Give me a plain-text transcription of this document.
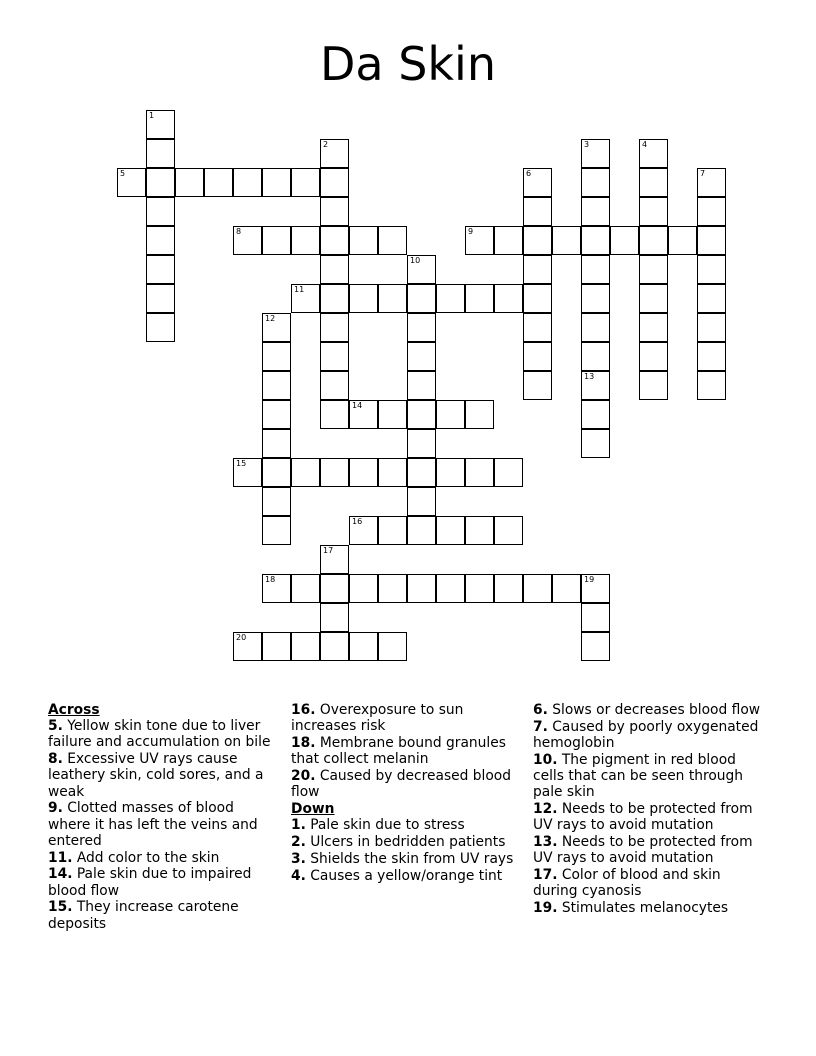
Da Skin
1
2	3	4
5	6	7
8	9
10
11
12
13
14
15
16
17
18	19
20

Across

5. Yellow skin tone due to liver failure and accumulation on bile

8. Excessive UV rays cause leathery skin, cold sores, and a weak

9. Clotted masses of blood where it has left the veins and entered

11. Add color to the skin

14. Pale skin due to impaired blood flow

15. They increase carotene deposits

16. Overexposure to sun increases risk

18. Membrane bound granules that collect melanin

20. Caused by decreased blood flow

Down

1. Pale skin due to stress

2. Ulcers in bedridden patients

3. Shields the skin from UV rays

4. Causes a yellow/orange tint

6. Slows or decreases blood flow

7. Caused by poorly oxygenated hemoglobin

10. The pigment in red blood cells that can be seen through pale skin

12. Needs to be protected from UV rays to avoid mutation

13. Needs to be protected from UV rays to avoid mutation

17. Color of blood and skin during cyanosis

19. Stimulates melanocytes
